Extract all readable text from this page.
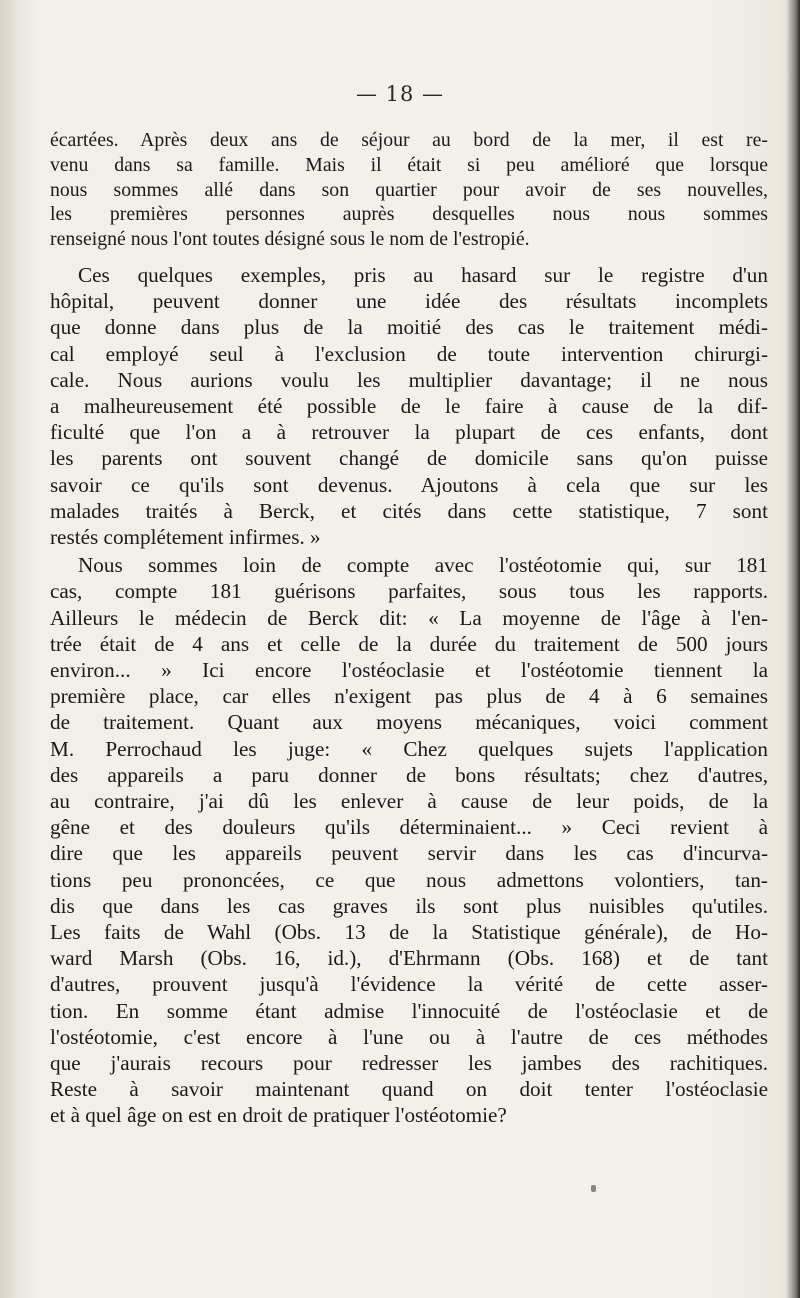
— 18 —
écartées. Après deux ans de séjour au bord de la mer, il est re-
venu dans sa famille. Mais il était si peu amélioré que lorsque
nous sommes allé dans son quartier pour avoir de ses nouvelles,
les premières personnes auprès desquelles nous nous sommes
renseigné nous l'ont toutes désigné sous le nom de l'estropié.
Ces quelques exemples, pris au hasard sur le registre d'un
hôpital, peuvent donner une idée des résultats incomplets
que donne dans plus de la moitié des cas le traitement médi-
cal employé seul à l'exclusion de toute intervention chirurgi-
cale. Nous aurions voulu les multiplier davantage; il ne nous
a malheureusement été possible de le faire à cause de la dif-
ficulté que l'on a à retrouver la plupart de ces enfants, dont
les parents ont souvent changé de domicile sans qu'on puisse
savoir ce qu'ils sont devenus. Ajoutons à cela que sur les
malades traités à Berck, et cités dans cette statistique, 7 sont
restés complétement infirmes. »
Nous sommes loin de compte avec l'ostéotomie qui, sur 181
cas, compte 181 guérisons parfaites, sous tous les rapports.
Ailleurs le médecin de Berck dit: « La moyenne de l'âge à l'en-
trée était de 4 ans et celle de la durée du traitement de 500 jours
environ... » Ici encore l'ostéoclasie et l'ostéotomie tiennent la
première place, car elles n'exigent pas plus de 4 à 6 semaines
de traitement. Quant aux moyens mécaniques, voici comment
M. Perrochaud les juge: « Chez quelques sujets l'application
des appareils a paru donner de bons résultats; chez d'autres,
au contraire, j'ai dû les enlever à cause de leur poids, de la
gêne et des douleurs qu'ils déterminaient... » Ceci revient à
dire que les appareils peuvent servir dans les cas d'incurva-
tions peu prononcées, ce que nous admettons volontiers, tan-
dis que dans les cas graves ils sont plus nuisibles qu'utiles.
Les faits de Wahl (Obs. 13 de la Statistique générale), de Ho-
ward Marsh (Obs. 16, id.), d'Ehrmann (Obs. 168) et de tant
d'autres, prouvent jusqu'à l'évidence la vérité de cette asser-
tion. En somme étant admise l'innocuité de l'ostéoclasie et de
l'ostéotomie, c'est encore à l'une ou à l'autre de ces méthodes
que j'aurais recours pour redresser les jambes des rachitiques.
Reste à savoir maintenant quand on doit tenter l'ostéoclasie
et à quel âge on est en droit de pratiquer l'ostéotomie?
